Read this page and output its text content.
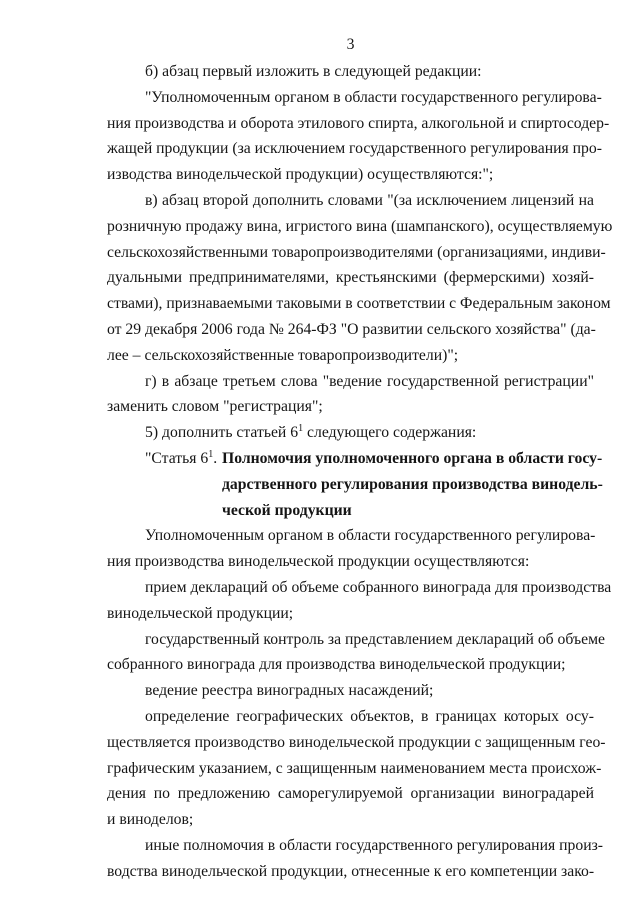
3
б) абзац первый изложить в следующей редакции:
"Уполномоченным органом в области государственного регулирова-
ния производства и оборота этилового спирта, алкогольной и спиртосодер-
жащей продукции (за исключением государственного регулирования про-
изводства винодельческой продукции) осуществляются:";
в) абзац второй дополнить словами "(за исключением лицензий на
розничную продажу вина, игристого вина (шампанского), осуществляемую
сельскохозяйственными товаропроизводителями (организациями, индиви-
дуальными предпринимателями, крестьянскими (фермерскими) хозяй-
ствами), признаваемыми таковыми в соответствии с Федеральным законом
от 29 декабря 2006 года № 264-ФЗ "О развитии сельского хозяйства" (да-
лее – сельскохозяйственные товаропроизводители)";
г) в абзаце третьем слова "ведение государственной регистрации"
заменить словом "регистрация";
5) дополнить статьей $6^1$ следующего содержания:
"Статья $6^1$. Полномочия уполномоченного органа в области госу-
дарственного регулирования производства винодель-
ческой продукции
Уполномоченным органом в области государственного регулирова-
ния производства винодельческой продукции осуществляются:
прием деклараций об объеме собранного винограда для производства
винодельческой продукции;
государственный контроль за представлением деклараций об объеме
собранного винограда для производства винодельческой продукции;
ведение реестра виноградных насаждений;
определение географических объектов, в границах которых осу-
ществляется производство винодельческой продукции с защищенным гео-
графическим указанием, с защищенным наименованием места происхож-
дения по предложению саморегулируемой организации виноградарей
и виноделов;
иные полномочия в области государственного регулирования произ-
водства винодельческой продукции, отнесенные к его компетенции зако-
